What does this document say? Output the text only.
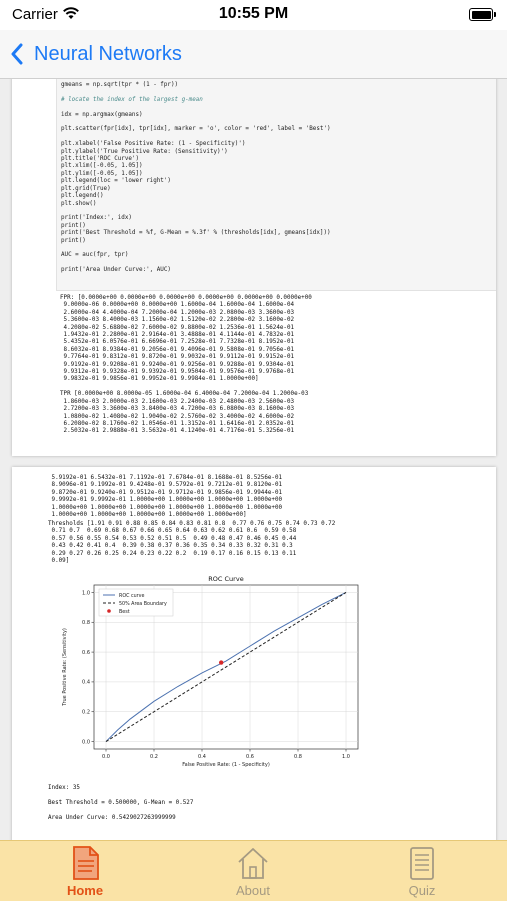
Carrier	10:55 PM
Neural Networks
gmeans = np.sqrt(tpr * (1 - fpr))

# locate the index of the largest g-mean

idx = np.argmax(gmeans)

plt.scatter(fpr[idx], tpr[idx], marker = 'o', color = 'red', label = 'Best')

plt.xlabel('False Positive Rate: (1 - Specificity)')
plt.ylabel('True Positive Rate: (Sensitivity)')
plt.title('ROC Curve')
plt.xlim([-0.05, 1.05])
plt.ylim([-0.05, 1.05])
plt.legend(loc = 'lower right')
plt.grid(True)
plt.legend()
plt.show()

print('Index:', idx)
print()
print('Best Threshold = %f, G-Mean = %.3f' % (thresholds[idx], gmeans[idx]))
print()

AUC = auc(fpr, tpr)

print('Area Under Curve:', AUC)
FPR: [0.0000e+00 0.0000e+00 0.0000e+00 0.0000e+00 0.0000e+00 0.0000e+00
9.0000e-06 0.0000e+00 0.0000e+00 1.6000e-04 1.6000e-04 1.6000e-04
2.6000e-04 4.4000e-04 7.2000e-04 1.2000e-03 2.0800e-03 3.3600e-03
5.3600e-03 8.4000e-03 1.1560e-02 1.5120e-02 2.2800e-02 3.1600e-02
4.2080e-02 5.6880e-02 7.6000e-02 9.8800e-02 1.2536e-01 1.5624e-01
1.9432e-01 2.2800e-01 2.9164e-01 3.4888e-01 4.1144e-01 4.7832e-01
5.4352e-01 6.0576e-01 6.6696e-01 7.2528e-01 7.7328e-01 8.1952e-01
8.6032e-01 8.9384e-01 9.2056e-01 9.4096e-01 9.5808e-01 9.7056e-01
9.7764e-01 9.8312e-01 9.8720e-01 9.9032e-01 9.9112e-01 9.9152e-01
9.9192e-01 9.9208e-01 9.9240e-01 9.9256e-01 9.9288e-01 9.9304e-01
9.9312e-01 9.9328e-01 9.9392e-01 9.9504e-01 9.9576e-01 9.9768e-01
9.9832e-01 9.9856e-01 9.9952e-01 9.9984e-01 1.0000e+00]

TPR [0.0000e+00 8.0000e-05 1.6000e-04 6.4000e-04 7.2000e-04 1.2000e-03
1.8600e-03 2.0000e-03 2.1600e-03 2.2400e-03 2.4800e-03 2.5600e-03
2.7200e-03 3.3600e-03 3.8400e-03 4.7200e-03 6.0800e-03 8.1600e-03
1.0800e-02 1.4080e-02 1.9040e-02 2.5760e-02 3.4000e-02 4.6000e-02
6.2080e-02 8.1760e-02 1.0546e-01 1.3152e-01 1.6416e-01 2.0352e-01
2.5032e-01 2.9888e-01 3.5632e-01 4.1240e-01 4.7176e-01 5.3256e-01
5.9192e-01 6.5432e-01 7.1192e-01 7.6784e-01 8.1688e-01 8.5256e-01
8.9096e-01 9.1992e-01 9.4248e-01 9.5792e-01 9.7212e-01 9.8120e-01
9.8720e-01 9.9240e-01 9.9512e-01 9.9712e-01 9.9856e-01 9.9944e-01
9.9992e-01 9.9992e-01 1.0000e+00 1.0000e+00 1.0000e+00 1.0000e+00
1.0000e+00 1.0000e+00 1.0000e+00 1.0000e+00 1.0000e+00 1.0000e+00
1.0000e+00 1.0000e+00 1.0000e+00 1.0000e+00 1.0000e+00]
Thresholds [1.91 0.91 0.88 0.85 0.84 0.83 0.81 0.8  0.77 0.76 0.75 0.74 0.73 0.72
0.71 0.7  0.69 0.68 0.67 0.66 0.65 0.64 0.63 0.62 0.61 0.6  0.59 0.58
0.57 0.56 0.55 0.54 0.53 0.52 0.51 0.5  0.49 0.48 0.47 0.46 0.45 0.44
0.43 0.42 0.41 0.4  0.39 0.38 0.37 0.36 0.35 0.34 0.33 0.32 0.31 0.3
0.29 0.27 0.26 0.25 0.24 0.23 0.22 0.2  0.19 0.17 0.16 0.15 0.13 0.11
0.09]
0.0	0.2	0.4	0.6	0.8	1.0
0.0
0.2
0.4
0.6
0.8
1.0
ROC Curve
False Positive Rate: (1 - Specificity)
True Positive Rate: (Sensitivity)
ROC curve
50% Area Boundary
Best
Index: 35

Best Threshold = 0.500000, G-Mean = 0.527

Area Under Curve: 0.5429027263999999
Home	About	Quiz
